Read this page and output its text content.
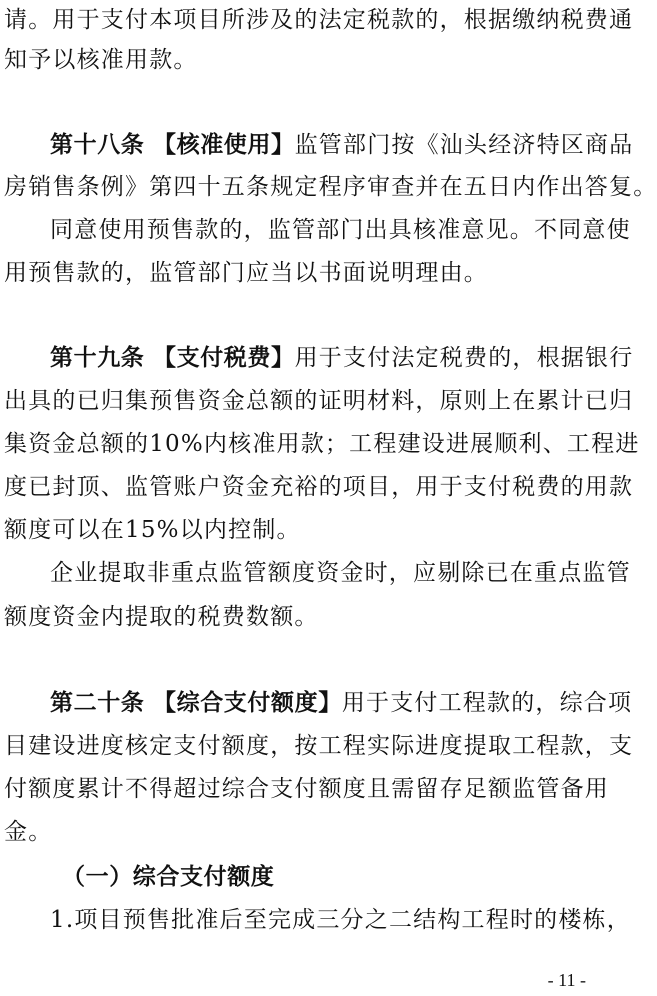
请。用于支付本项目所涉及的法定税款的，根据缴纳税费通
知予以核准用款。
第十八条 【核准使用】监管部门按《汕头经济特区商品
房销售条例》第四十五条规定程序审查并在五日内作出答复。
同意使用预售款的，监管部门出具核准意见。不同意使
用预售款的，监管部门应当以书面说明理由。
第十九条 【支付税费】用于支付法定税费的，根据银行
出具的已归集预售资金总额的证明材料，原则上在累计已归
集资金总额的10%内核准用款；工程建设进展顺利、工程进
度已封顶、监管账户资金充裕的项目，用于支付税费的用款
额度可以在15%以内控制。
企业提取非重点监管额度资金时，应剔除已在重点监管
额度资金内提取的税费数额。
第二十条 【综合支付额度】用于支付工程款的，综合项
目建设进度核定支付额度，按工程实际进度提取工程款，支
付额度累计不得超过综合支付额度且需留存足额监管备用
金。
（一）综合支付额度
1.项目预售批准后至完成三分之二结构工程时的楼栋，
- 11 -
